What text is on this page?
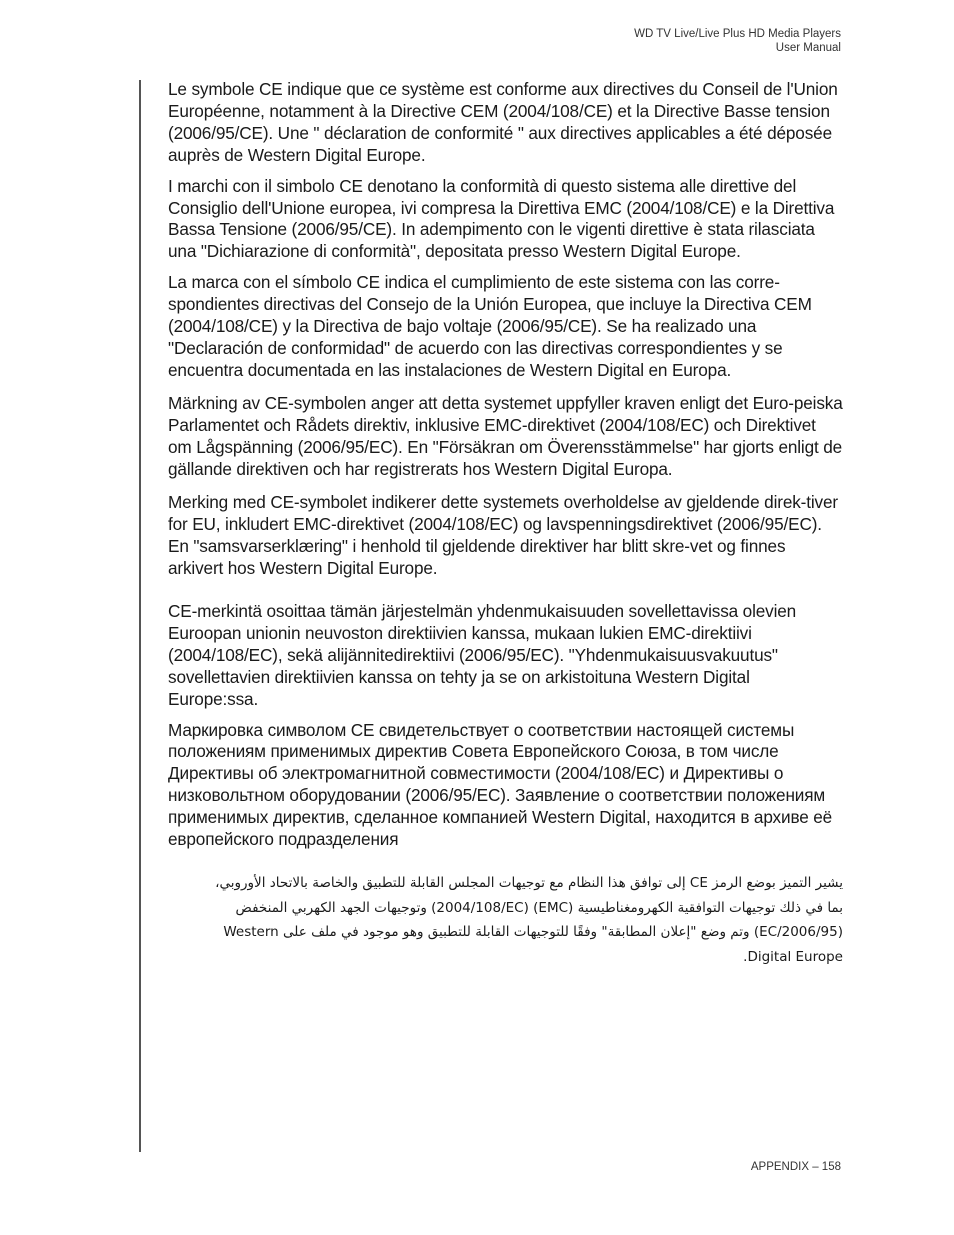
WD TV Live/Live Plus HD Media Players
User Manual

Le symbole CE indique que ce système est conforme aux directives du Conseil de l'Union Européenne, notamment à la Directive CEM (2004/108/CE) et la Directive Basse tension (2006/95/CE). Une " déclaration de conformité " aux directives applicables a été déposée auprès de Western Digital Europe.

I marchi con il simbolo CE denotano la conformità di questo sistema alle direttive del Consiglio dell'Unione europea, ivi compresa la Direttiva EMC (2004/108/CE) e la Direttiva Bassa Tensione (2006/95/CE). In adempimento con le vigenti direttive è stata rilasciata una "Dichiarazione di conformità", depositata presso Western Digital Europe.

La marca con el símbolo CE indica el cumplimiento de este sistema con las corre-spondientes directivas del Consejo de la Unión Europea, que incluye la Directiva CEM (2004/108/CE) y la Directiva de bajo voltaje (2006/95/CE). Se ha realizado una "Declaración de conformidad" de acuerdo con las directivas correspondientes y se encuentra documentada en las instalaciones de Western Digital en Europa.

Märkning av CE-symbolen anger att detta systemet uppfyller kraven enligt det Euro-peiska Parlamentet och Rådets direktiv, inklusive EMC-direktivet (2004/108/EC) och Direktivet om Lågspänning (2006/95/EC). En "Försäkran om Överensstämmelse" har gjorts enligt de gällande direktiven och har registrerats hos Western Digital Europa.

Merking med CE-symbolet indikerer dette systemets overholdelse av gjeldende direk-tiver for EU, inkludert EMC-direktivet (2004/108/EC) og lavspenningsdirektivet (2006/95/EC). En "samsvarserklæring" i henhold til gjeldende direktiver har blitt skre-vet og finnes arkivert hos Western Digital Europe.

CE-merkintä osoittaa tämän järjestelmän yhdenmukaisuuden sovellettavissa olevien Euroopan unionin neuvoston direktiivien kanssa, mukaan lukien EMC-direktiivi (2004/108/EC), sekä alijännitedirektiivi (2006/95/EC). "Yhdenmukaisuusvakuutus" sovellettavien direktiivien kanssa on tehty ja se on arkistoituna Western Digital Europe:ssa.

Маркировка символом CE свидетельствует о соответствии настоящей системы положениям применимых директив Совета Европейского Союза, в том числе Директивы об электромагнитной совместимости (2004/108/EC) и Директивы о низковольтном оборудовании (2006/95/EC). Заявление о соответствии положениям применимых директив, сделанное компанией Western Digital, находится в архиве её европейского подразделения

يشير التميز بوضع الرمز CE إلى توافق هذا النظام مع توجيهات المجلس القابلة للتطبيق والخاصة بالاتحاد الأوروبي، بما في ذلك توجيهات التوافقية الكهرومغناطيسية (EMC) (2004/108/EC) وتوجيهات الجهد الكهربي المنخفض (2006/95/EC) وتم وضع "إعلان المطابقة" وفقًا للتوجيهات القابلة للتطبيق وهو موجود في ملف على Western Digital Europe.

APPENDIX – 158
